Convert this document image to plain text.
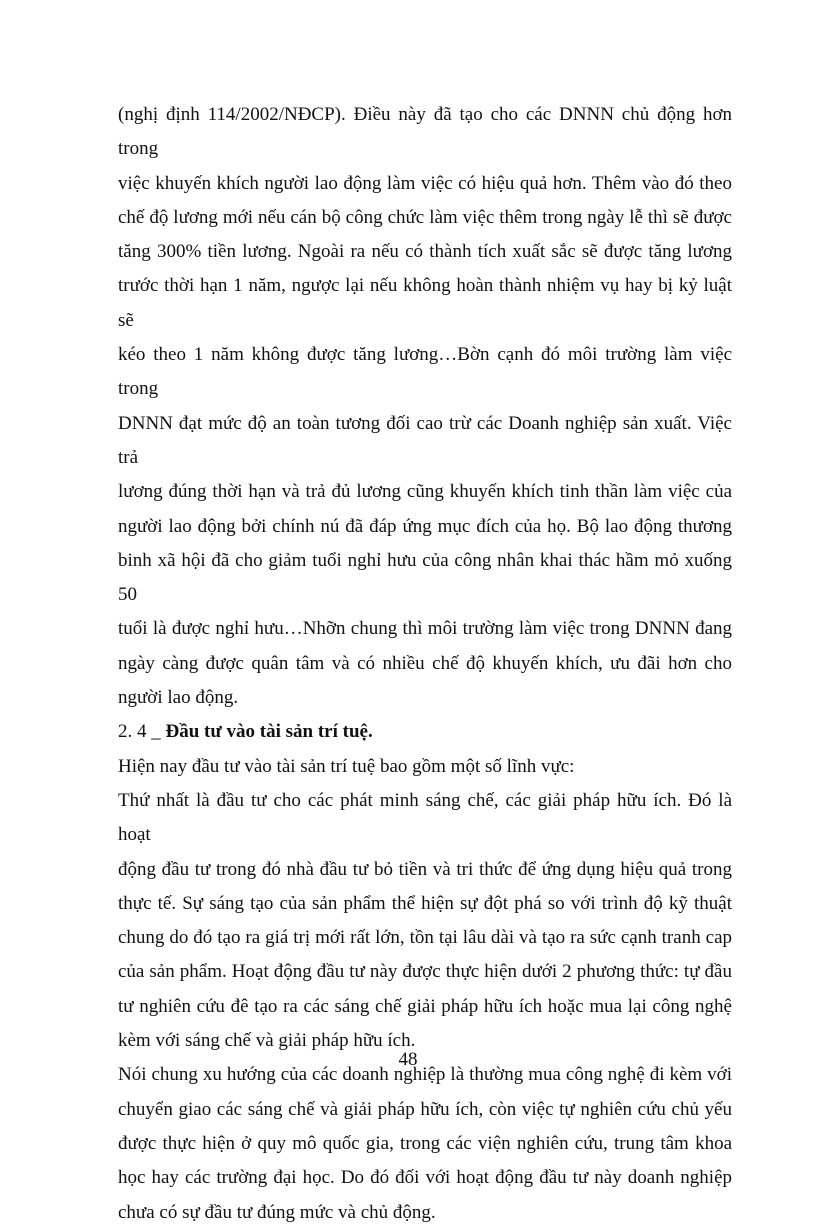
(nghị định 114/2002/NĐCP). Điều này đã tạo cho các DNNN chủ động hơn trong
việc khuyến khích người lao động làm việc có hiệu quả hơn. Thêm vào đó theo
chế độ lương mới nếu cán bộ công chức làm việc thêm trong ngày lễ thì sẽ được
tăng 300% tiền lương. Ngoài ra nếu có thành tích xuất sắc sẽ được tăng lương
trước thời hạn 1 năm, ngược lại nếu không hoàn thành nhiệm vụ hay bị kỷ luật sẽ
kéo theo 1 năm không được tăng lương…Bờn cạnh đó môi trường làm việc trong
DNNN đạt mức độ an toàn tương đối cao trừ các Doanh nghiệp sản xuất. Việc trả
lương đúng thời hạn và trả đủ lương cũng khuyến khích tinh thần làm việc của
người lao động bởi chính nú đã đáp ứng mục đích của họ. Bộ lao động thương
binh xã hội đã cho giảm tuổi nghỉ hưu của công nhân khai thác hầm mỏ xuống 50
tuổi là được nghỉ hưu…Nhỡn chung thì môi trường làm việc trong DNNN đang
ngày càng được quân tâm và có nhiều chế độ khuyến khích, ưu đãi hơn cho
người lao động.
2. 4 _ Đầu tư vào tài sản trí tuệ.
Hiện nay đầu tư vào tài sản trí tuệ bao gồm một số lĩnh vực:
Thứ nhất là đầu tư cho các phát minh sáng chế, các giải pháp hữu ích. Đó là hoạt
động đầu tư trong đó nhà đầu tư bỏ tiền và tri thức để ứng dụng hiệu quả trong
thực tế. Sự sáng tạo của sản phẩm thể hiện sự đột phá so với trình độ kỹ thuật
chung do đó tạo ra giá trị mới rất lớn, tồn tại lâu dài và tạo ra sức cạnh tranh cap
của sản phẩm. Hoạt động đầu tư này được thực hiện dưới 2 phương thức: tự đầu
tư nghiên cứu đê tạo ra các sáng chế giải pháp hữu ích hoặc mua lại công nghệ
kèm với sáng chế và giải pháp hữu ích.
Nói chung xu hướng của các doanh nghiệp là thường mua công nghệ đi kèm với
chuyển giao các sáng chế và giải pháp hữu ích, còn việc tự nghiên cứu chủ yếu
được thực hiện ở quy mô quốc gia, trong các viện nghiên cứu, trung tâm khoa
học hay các trường đại học. Do đó đối với hoạt động đầu tư này doanh nghiệp
chưa có sự đầu tư đúng mức và chủ động.
48
